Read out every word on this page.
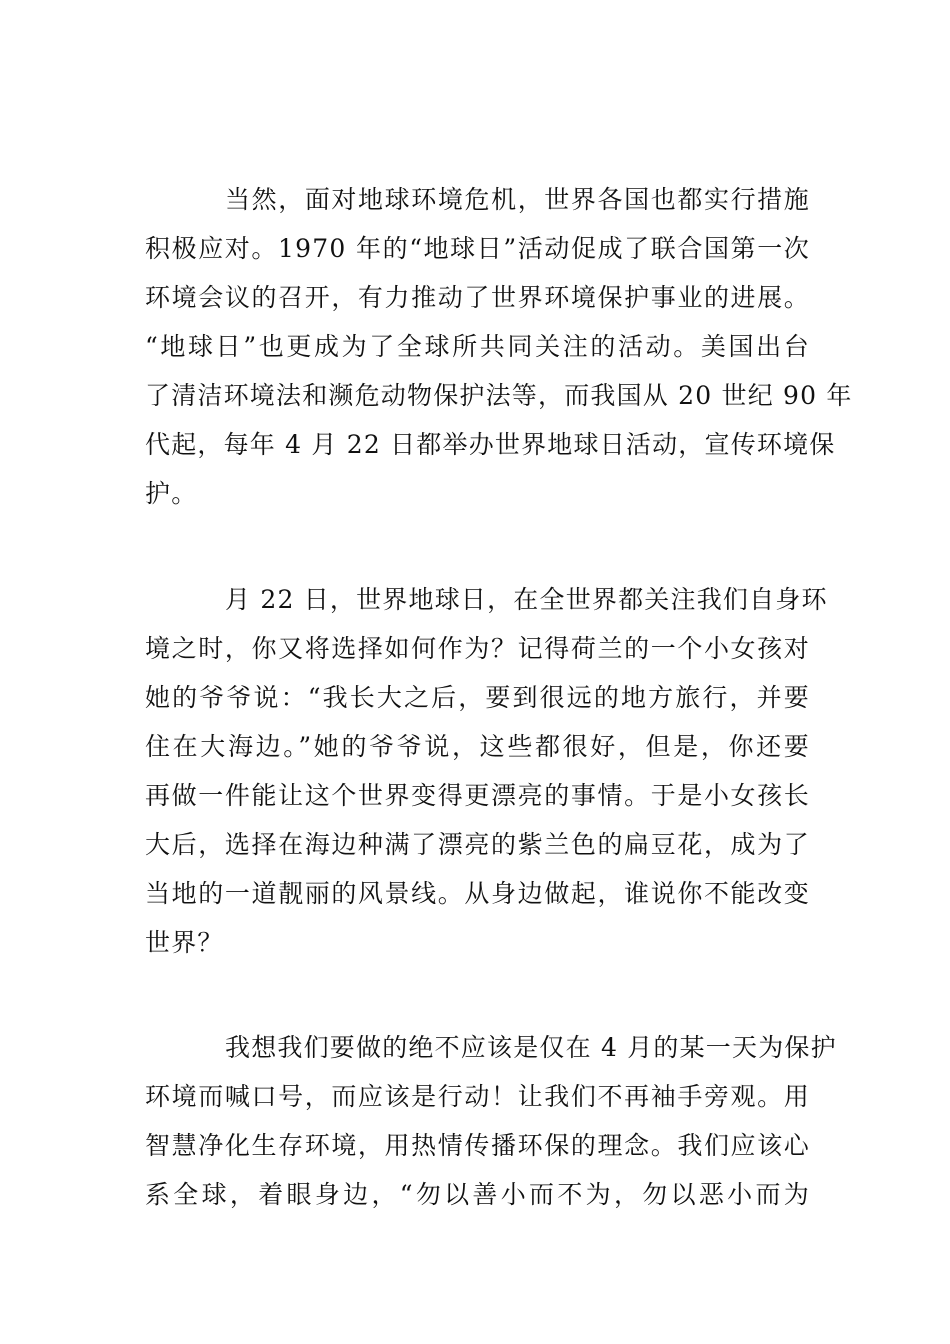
当然，面对地球环境危机，世界各国也都实行措施
积极应对。1970 年的“地球日”活动促成了联合国第一次
环境会议的召开，有力推动了世界环境保护事业的进展。
“地球日”也更成为了全球所共同关注的活动。美国出台
了清洁环境法和濒危动物保护法等，而我国从 20 世纪 90 年
代起，每年 4 月 22 日都举办世界地球日活动，宣传环境保
护。
月 22 日，世界地球日，在全世界都关注我们自身环
境之时，你又将选择如何作为？记得荷兰的一个小女孩对
她的爷爷说：“我长大之后，要到很远的地方旅行，并要
住在大海边。”她的爷爷说，这些都很好，但是，你还要
再做一件能让这个世界变得更漂亮的事情。于是小女孩长
大后，选择在海边种满了漂亮的紫兰色的扁豆花，成为了
当地的一道靓丽的风景线。从身边做起，谁说你不能改变
世界？
我想我们要做的绝不应该是仅在 4 月的某一天为保护
环境而喊口号，而应该是行动！让我们不再袖手旁观。用
智慧净化生存环境，用热情传播环保的理念。我们应该心
系全球，着眼身边，“勿以善小而不为，勿以恶小而为
